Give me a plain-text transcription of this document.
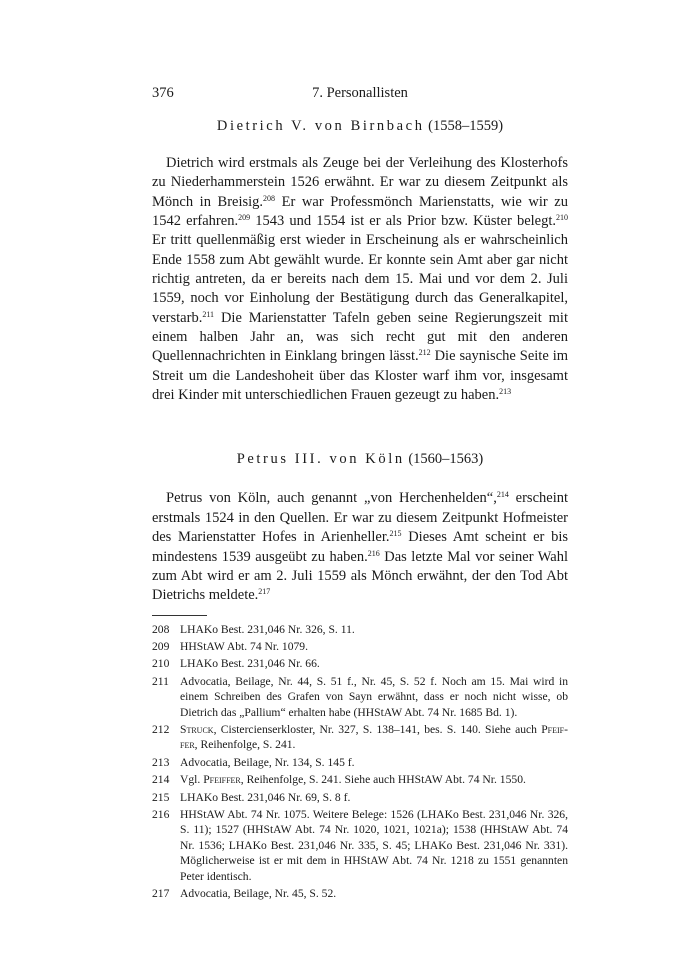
376	7. Personallisten
Dietrich V. von Birnbach (1558–1559)

Dietrich wird erstmals als Zeuge bei der Verleihung des Klosterhofs zu Niederhammerstein 1526 erwähnt. Er war zu diesem Zeitpunkt als Mönch in Breisig.$^{208}$ Er war Professmönch Marienstatts, wie wir zu 1542 erfahren.$^{209}$ 1543 und 1554 ist er als Prior bzw. Küster belegt.$^{210}$ Er tritt quellenmäßig erst wieder in Erscheinung als er wahrscheinlich Ende 1558 zum Abt gewählt wurde. Er konnte sein Amt aber gar nicht richtig antreten, da er bereits nach dem 15. Mai und vor dem 2. Juli 1559, noch vor Einholung der Bestätigung durch das Generalkapitel, verstarb.$^{211}$ Die Marienstatter Tafeln geben seine Regierungszeit mit einem halben Jahr an, was sich recht gut mit den anderen Quellennachrichten in Einklang bringen lässt.$^{212}$ Die saynische Seite im Streit um die Landeshoheit über das Kloster warf ihm vor, insgesamt drei Kinder mit unterschiedlichen Frauen gezeugt zu haben.$^{213}$

Petrus III. von Köln (1560–1563)

Petrus von Köln, auch genannt „von Herchenhelden“,$^{214}$ erscheint erstmals 1524 in den Quellen. Er war zu diesem Zeitpunkt Hofmeister des Marienstatter Hofes in Arienheller.$^{215}$ Dieses Amt scheint er bis mindestens 1539 ausgeübt zu haben.$^{216}$ Das letzte Mal vor seiner Wahl zum Abt wird er am 2. Juli 1559 als Mönch erwähnt, der den Tod Abt Dietrichs meldete.$^{217}$

208 LHAKo Best. 231,046 Nr. 326, S. 11.
209 HHStAW Abt. 74 Nr. 1079.
210 LHAKo Best. 231,046 Nr. 66.
211 Advocatia, Beilage, Nr. 44, S. 51 f., Nr. 45, S. 52 f. Noch am 15. Mai wird in einem Schreiben des Grafen von Sayn erwähnt, dass er noch nicht wisse, ob Dietrich das „Pallium“ erhalten habe (HHStAW Abt. 74 Nr. 1685 Bd. 1).
212 Struck, Cistercienserkloster, Nr. 327, S. 138–141, bes. S. 140. Siehe auch Pfeif-fer, Reihenfolge, S. 241.
213 Advocatia, Beilage, Nr. 134, S. 145 f.
214 Vgl. Pfeiffer, Reihenfolge, S. 241. Siehe auch HHStAW Abt. 74 Nr. 1550.
215 LHAKo Best. 231,046 Nr. 69, S. 8 f.
216 HHStAW Abt. 74 Nr. 1075. Weitere Belege: 1526 (LHAKo Best. 231,046 Nr. 326, S. 11); 1527 (HHStAW Abt. 74 Nr. 1020, 1021, 1021a); 1538 (HHStAW Abt. 74 Nr. 1536; LHAKo Best. 231,046 Nr. 335, S. 45; LHAKo Best. 231,046 Nr. 331). Möglicherweise ist er mit dem in HHStAW Abt. 74 Nr. 1218 zu 1551 genannten Peter identisch.
217 Advocatia, Beilage, Nr. 45, S. 52.
